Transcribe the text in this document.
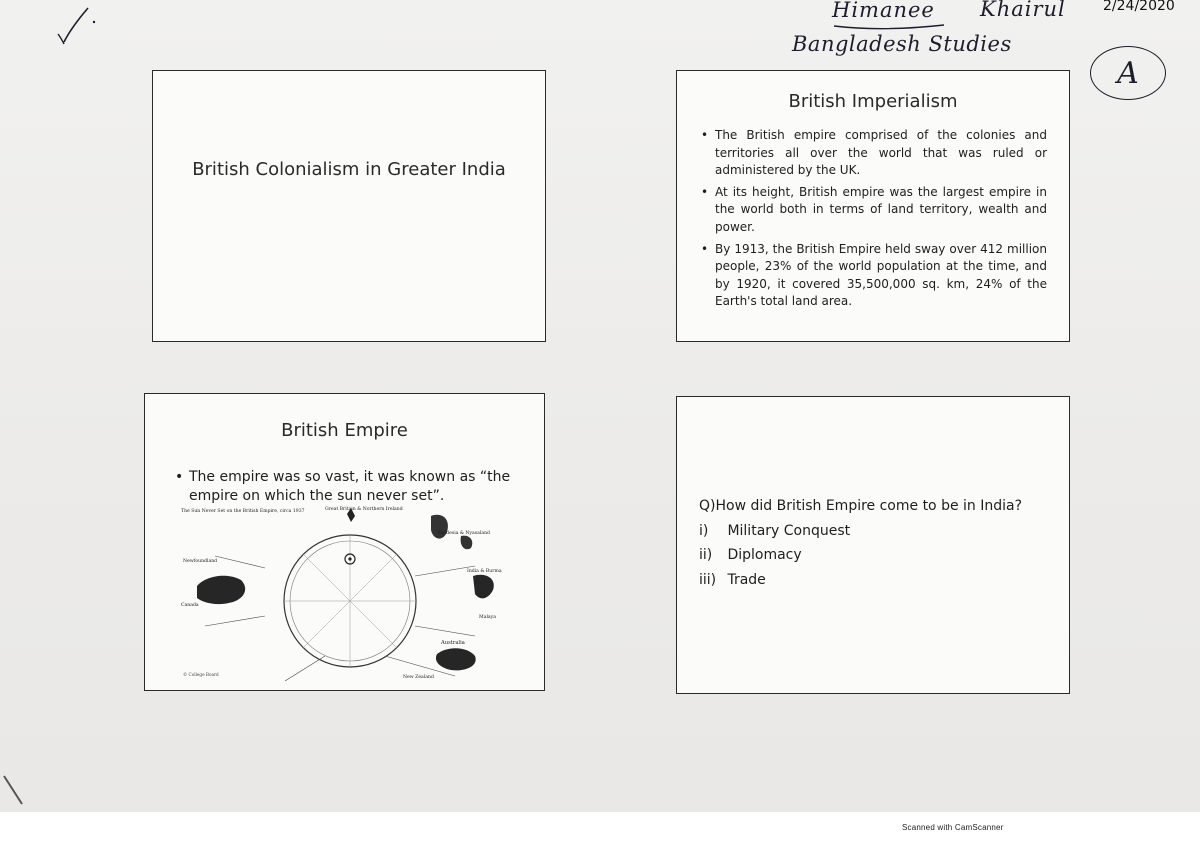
Himanee Khairul
Bangladesh Studies
2/24/2020
A
British Colonialism in Greater India
British Imperialism
• The British empire comprised of the colonies and territories all over the world that was ruled or administered by the UK.
• At its height, British empire was the largest empire in the world both in terms of land territory, wealth and power.
• By 1913, the British Empire held sway over 412 million people, 23% of the world population at the time, and by 1920, it covered 35,500,000 sq. km, 24% of the Earth's total land area.
British Empire
• The empire was so vast, it was known as “the empire on which the sun never set”.
The Sun Never Set on the British Empire, circa 1937	Great Britain & Northern Ireland
Newfoundland
Canada
India & Burma
Rhodesia & Nyasaland
Malaya
Australia
New Zealand
© College Board
Q)How did British Empire come to be in India?
i) Military Conquest
ii) Diplomacy
iii) Trade
Scanned with CamScanner
